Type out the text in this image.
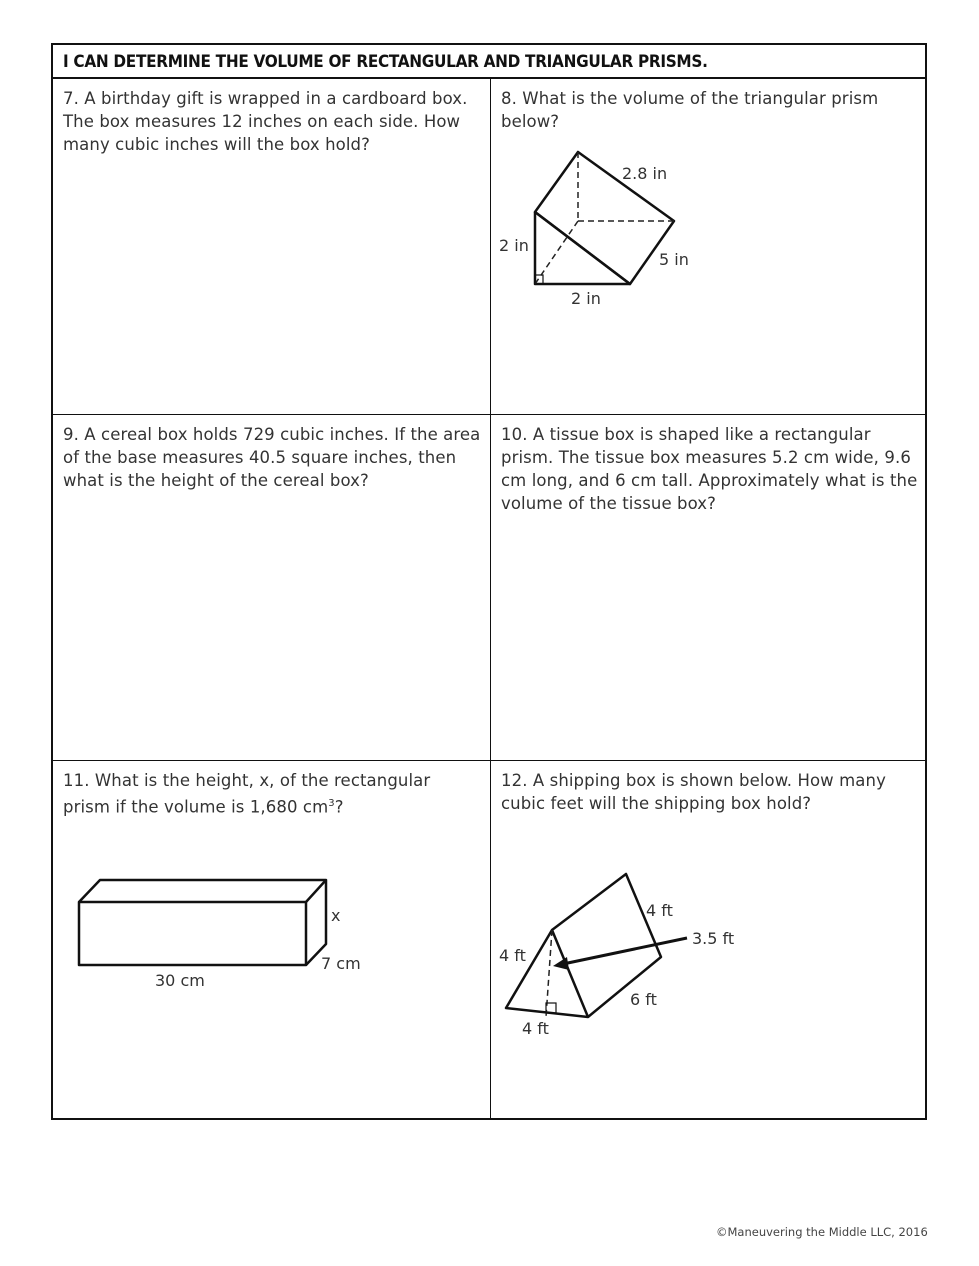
I CAN DETERMINE THE VOLUME OF RECTANGULAR AND TRIANGULAR PRISMS.
7. A birthday gift is wrapped in a cardboard box. The box measures 12 inches on each side. How many cubic inches will the box hold?
8. What is the volume of the triangular prism below?
2.8 in
2 in
5 in
2 in
9. A cereal box holds 729 cubic inches. If the area of the base measures 40.5 square inches, then what is the height of the cereal box?
10. A tissue box is shaped like a rectangular prism. The tissue box measures 5.2 cm wide, 9.6 cm long, and 6 cm tall. Approximately what is the volume of the tissue box?
11. What is the height, x, of the rectangular prism if the volume is 1,680 $cm^3$?
x
7 cm
30 cm
12. A shipping box is shown below. How many cubic feet will the shipping box hold?
4 ft
3.5 ft
4 ft
6 ft
4 ft
©Maneuvering the Middle LLC, 2016
